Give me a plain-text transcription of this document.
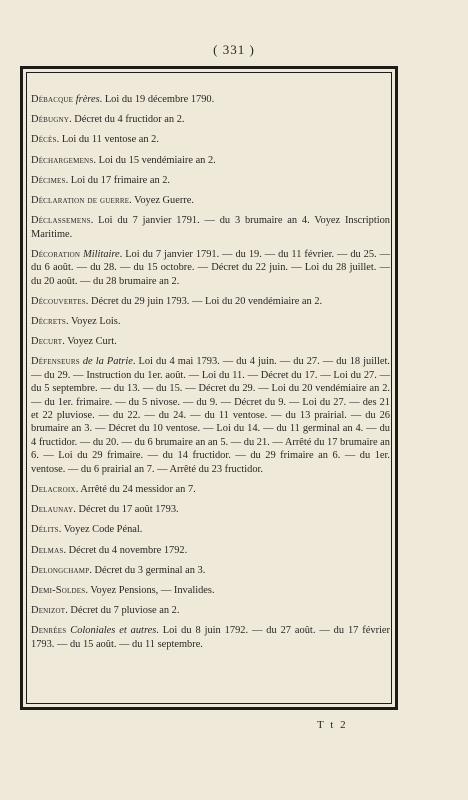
( 331 )

Débacque frères. Loi du 19 décembre 1790.

Débugny. Décret du 4 fructidor an 2.

Décès. Loi du 11 ventose an 2.

Déchargemens. Loi du 15 vendémiaire an 2.

Décimes. Loi du 17 frimaire an 2.

Déclaration de guerre. Voyez Guerre.

Déclassemens. Loi du 7 janvier 1791. — du 3 brumaire an 4. Voyez Inscription Maritime.

Décoration Militaire. Loi du 7 janvier 1791. — du 19. — du 11 février. — du 25. — du 6 août. — du 28. — du 15 octobre. — Décret du 22 juin. — Loi du 28 juillet. — du 20 août. — du 28 brumaire an 2.

Découvertes. Décret du 29 juin 1793. — Loi du 20 vendémiaire an 2.

Décrets. Voyez Lois.

Decurt. Voyez Curt.

Défenseurs de la Patrie. Loi du 4 mai 1793. — du 4 juin. — du 27. — du 18 juillet. — du 29. — Instruction du 1er. août. — Loi du 11. — Décret du 17. — Loi du 27. — du 5 septembre. — du 13. — du 15. — Décret du 29. — Loi du 20 vendémiaire an 2. — du 1er. frimaire. — du 5 nivose. — du 9. — Décret du 9. — Loi du 27. — des 21 et 22 pluviose. — du 22. — du 24. — du 11 ventose. — du 13 prairial. — du 26 brumaire an 3. — Décret du 10 ventose. — Loi du 14. — du 11 germinal an 4. — du 4 fructidor. — du 20. — du 6 brumaire an an 5. — du 21. — Arrêté du 17 brumaire an 6. — Loi du 29 frimaire. — du 14 fructidor. — du 29 frimaire an 6. — du 1er. ventose. — du 6 prairial an 7. — Arrêté du 23 fructidor.

Delacroix. Arrêté du 24 messidor an 7.

Delaunay. Décret du 17 août 1793.

Délits. Voyez Code Pénal.

Delmas. Décret du 4 novembre 1792.

Delongchamp. Décret du 3 germinal an 3.

Demi-Soldes. Voyez Pensions, — Invalides.

Denizot. Décret du 7 pluviose an 2.

Denrées Coloniales et autres. Loi du 8 juin 1792. — du 27 août. — du 17 février 1793. — du 15 août. — du 11 septembre.

T t 2
